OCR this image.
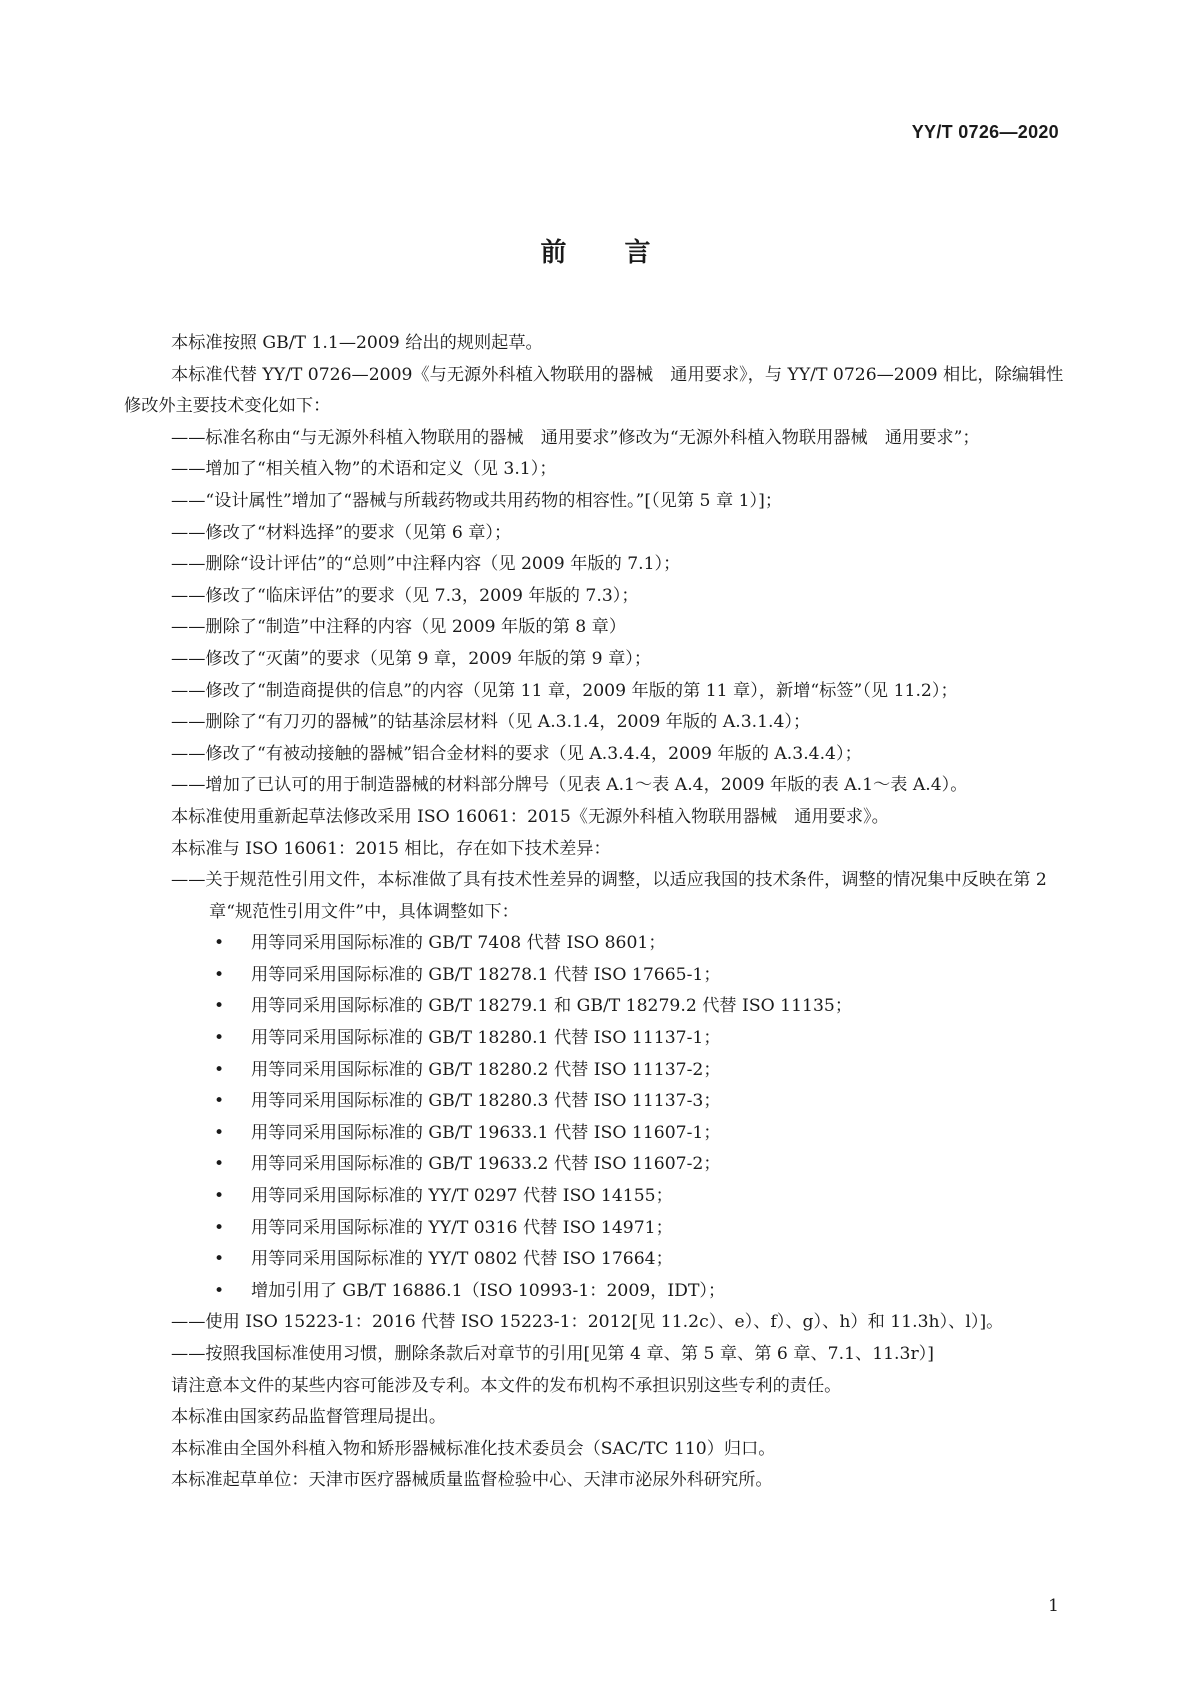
YY/T 0726—2020
前言

本标准按照 GB/T 1.1—2009 给出的规则起草。

本标准代替 YY/T 0726—2009《与无源外科植入物联用的器械　通用要求》，与 YY/T 0726—2009 相比，除编辑性修改外主要技术变化如下：

——标准名称由“与无源外科植入物联用的器械　通用要求”修改为“无源外科植入物联用器械　通用要求”；

——增加了“相关植入物”的术语和定义（见 3.1）；

——“设计属性”增加了“器械与所载药物或共用药物的相容性。”[（见第 5 章 1）]；

——修改了“材料选择”的要求（见第 6 章）；

——删除“设计评估”的“总则”中注释内容（见 2009 年版的 7.1）；

——修改了“临床评估”的要求（见 7.3，2009 年版的 7.3）；

——删除了“制造”中注释的内容（见 2009 年版的第 8 章）

——修改了“灭菌”的要求（见第 9 章，2009 年版的第 9 章）；

——修改了“制造商提供的信息”的内容（见第 11 章，2009 年版的第 11 章），新增“标签”（见 11.2）；

——删除了“有刀刃的器械”的钴基涂层材料（见 A.3.1.4，2009 年版的 A.3.1.4）；

——修改了“有被动接触的器械”铝合金材料的要求（见 A.3.4.4，2009 年版的 A.3.4.4）；

——增加了已认可的用于制造器械的材料部分牌号（见表 A.1～表 A.4，2009 年版的表 A.1～表 A.4）。

本标准使用重新起草法修改采用 ISO 16061：2015《无源外科植入物联用器械　通用要求》。

本标准与 ISO 16061：2015 相比，存在如下技术差异：

——关于规范性引用文件，本标准做了具有技术性差异的调整，以适应我国的技术条件，调整的情况集中反映在第 2 章“规范性引用文件”中，具体调整如下：

• 用等同采用国际标准的 GB/T 7408 代替 ISO 8601；

• 用等同采用国际标准的 GB/T 18278.1 代替 ISO 17665-1；

• 用等同采用国际标准的 GB/T 18279.1 和 GB/T 18279.2 代替 ISO 11135；

• 用等同采用国际标准的 GB/T 18280.1 代替 ISO 11137-1；

• 用等同采用国际标准的 GB/T 18280.2 代替 ISO 11137-2；

• 用等同采用国际标准的 GB/T 18280.3 代替 ISO 11137-3；

• 用等同采用国际标准的 GB/T 19633.1 代替 ISO 11607-1；

• 用等同采用国际标准的 GB/T 19633.2 代替 ISO 11607-2；

• 用等同采用国际标准的 YY/T 0297 代替 ISO 14155；

• 用等同采用国际标准的 YY/T 0316 代替 ISO 14971；

• 用等同采用国际标准的 YY/T 0802 代替 ISO 17664；

• 增加引用了 GB/T 16886.1（ISO 10993-1：2009，IDT）；

——使用 ISO 15223-1：2016 代替 ISO 15223-1：2012[见 11.2c）、e）、f）、g）、h）和 11.3h）、l）]。

——按照我国标准使用习惯，删除条款后对章节的引用[见第 4 章、第 5 章、第 6 章、7.1、11.3r）]

请注意本文件的某些内容可能涉及专利。本文件的发布机构不承担识别这些专利的责任。

本标准由国家药品监督管理局提出。

本标准由全国外科植入物和矫形器械标准化技术委员会（SAC/TC 110）归口。

本标准起草单位：天津市医疗器械质量监督检验中心、天津市泌尿外科研究所。

1
